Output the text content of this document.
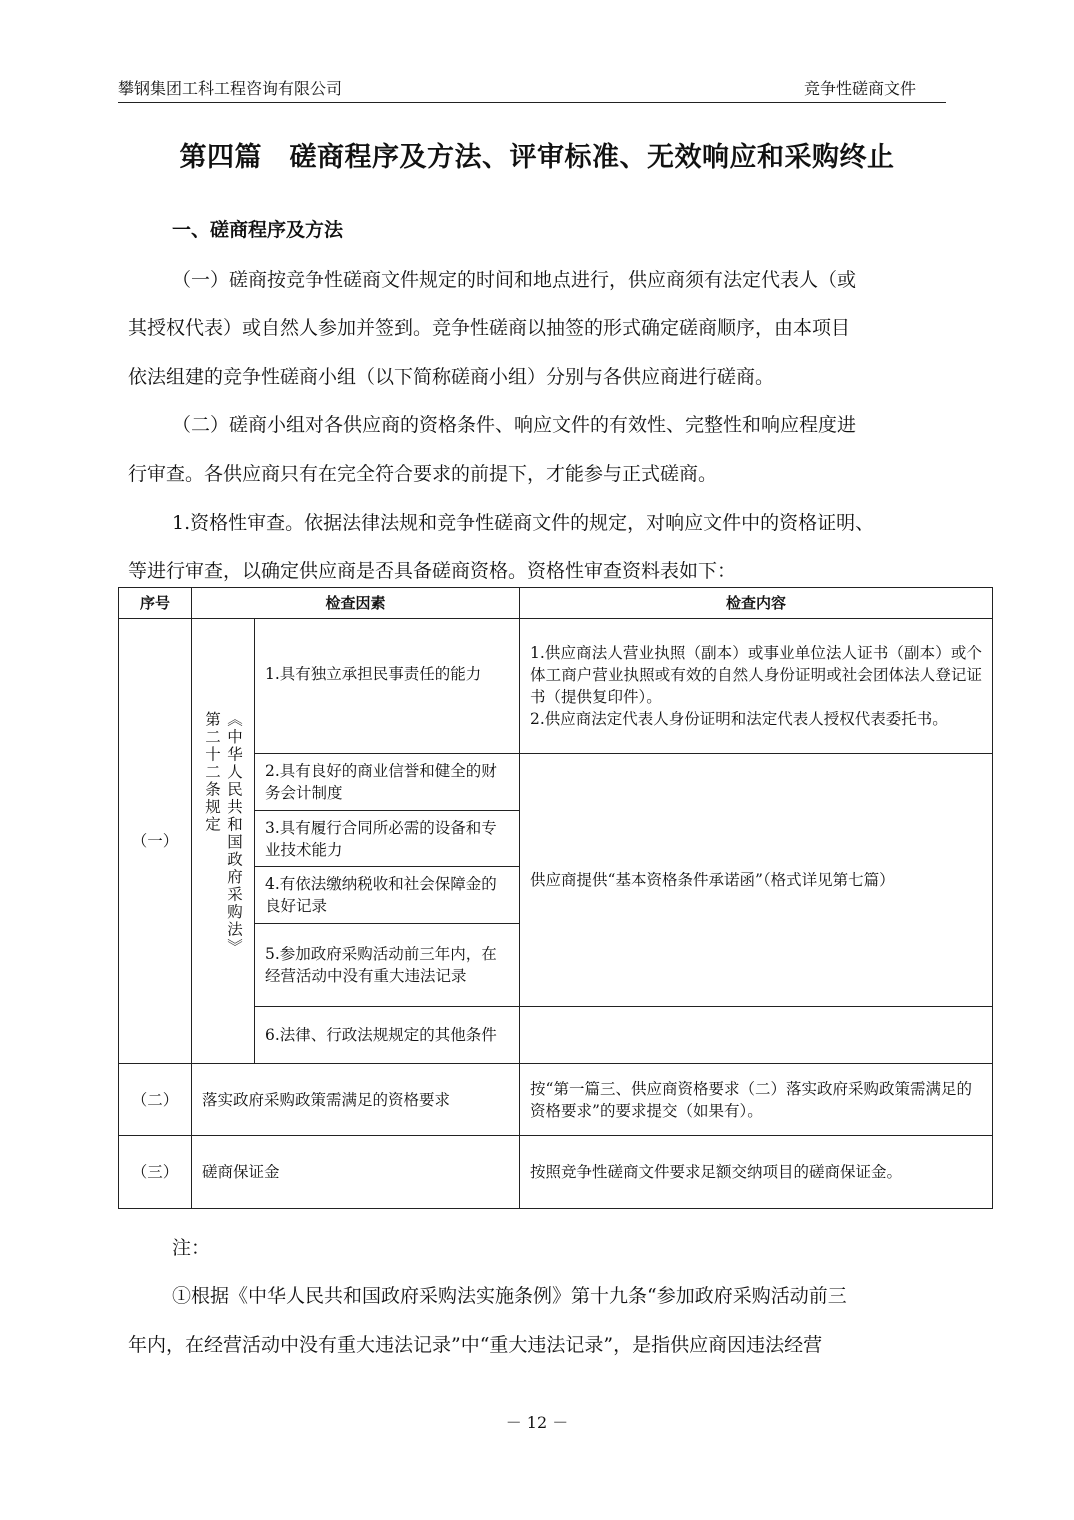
攀钢集团工科工程咨询有限公司	竞争性磋商文件
第四篇　磋商程序及方法、评审标准、无效响应和采购终止
一、磋商程序及方法
（一）磋商按竞争性磋商文件规定的时间和地点进行，供应商须有法定代表人（或
其授权代表）或自然人参加并签到。竞争性磋商以抽签的形式确定磋商顺序，由本项目
依法组建的竞争性磋商小组（以下简称磋商小组）分别与各供应商进行磋商。
（二）磋商小组对各供应商的资格条件、响应文件的有效性、完整性和响应程度进
行审查。各供应商只有在完全符合要求的前提下，才能参与正式磋商。
1.资格性审查。依据法律法规和竞争性磋商文件的规定，对响应文件中的资格证明、
等进行审查，以确定供应商是否具备磋商资格。资格性审查资料表如下：
序号	检查因素		检查内容
（一）	《中华人民共和国政府采购法》第二十二条规定	1.具有独立承担民事责任的能力	1.供应商法人营业执照（副本）或事业单位法人证书（副本）或个体工商户营业执照或有效的自然人身份证明或社会团体法人登记证书（提供复印件）。
2.供应商法定代表人身份证明和法定代表人授权代表委托书。

		2.具有良好的商业信誉和健全的财务会计制度	供应商提供“基本资格条件承诺函”（格式详见第七篇）
		3.具有履行合同所必需的设备和专业技术能力	
		4.有依法缴纳税收和社会保障金的良好记录	
		5.参加政府采购活动前三年内，在经营活动中没有重大违法记录	
		6.法律、行政法规规定的其他条件	
（二）	落实政府采购政策需满足的资格要求		按“第一篇三、供应商资格要求（二）落实政府采购政策需满足的资格要求”的要求提交（如果有）。
（三）	磋商保证金		按照竞争性磋商文件要求足额交纳项目的磋商保证金。
注：
①根据《中华人民共和国政府采购法实施条例》第十九条“参加政府采购活动前三
年内，在经营活动中没有重大违法记录”中“重大违法记录”，是指供应商因违法经营
－ 12 －
